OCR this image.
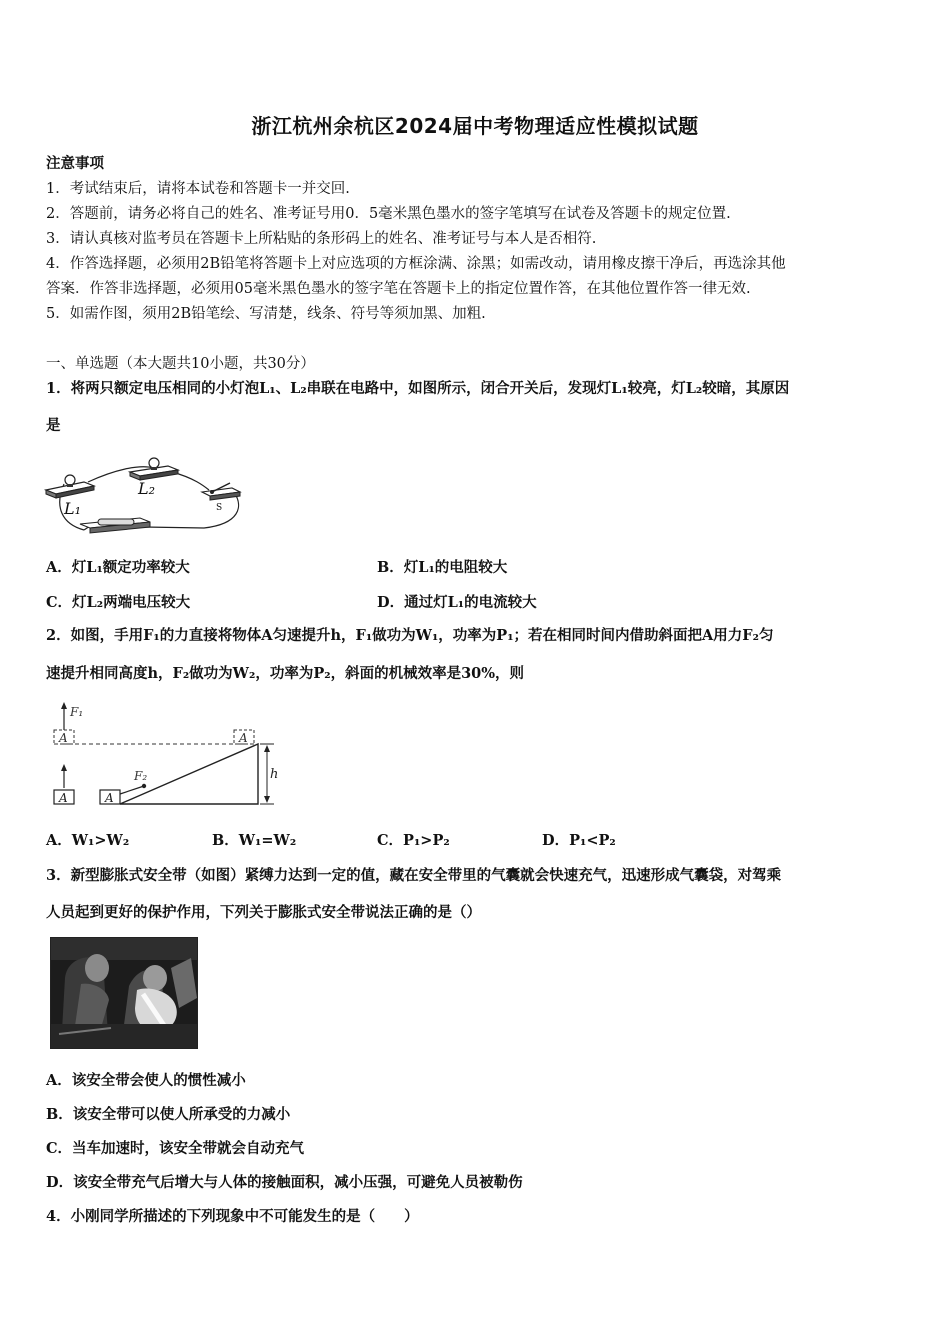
浙江杭州余杭区2024届中考物理适应性模拟试题
注意事项
1．考试结束后，请将本试卷和答题卡一并交回.
2．答题前，请务必将自己的姓名、准考证号用0．5毫米黑色墨水的签字笔填写在试卷及答题卡的规定位置.
3．请认真核对监考员在答题卡上所粘贴的条形码上的姓名、准考证号与本人是否相符.
4．作答选择题，必须用2B铅笔将答题卡上对应选项的方框涂满、涂黑；如需改动，请用橡皮擦干净后，再选涂其他
答案．作答非选择题，必须用05毫米黑色墨水的签字笔在答题卡上的指定位置作答，在其他位置作答一律无效.
5．如需作图，须用2B铅笔绘、写清楚，线条、符号等须加黑、加粗.
一、单选题（本大题共10小题，共30分）
1．将两只额定电压相同的小灯泡L₁、L₂串联在电路中，如图所示，闭合开关后，发现灯L₁较亮，灯L₂较暗，其原因
是
L₁
L₂
S
A．灯L₁额定功率较大	B．灯L₁的电阻较大
C．灯L₂两端电压较大	D．通过灯L₁的电流较大
2．如图，手用F₁的力直接将物体A匀速提升h，F₁做功为W₁，功率为P₁；若在相同时间内借助斜面把A用力F₂匀
速提升相同高度h，F₂做功为W₂，功率为P₂，斜面的机械效率是30%，则
F₁
A
A	A
A
F₂	h
A．W₁>W₂	B．W₁=W₂	C．P₁>P₂	D．P₁<P₂
3．新型膨胀式安全带（如图）紧缚力达到一定的值，藏在安全带里的气囊就会快速充气，迅速形成气囊袋，对驾乘
人员起到更好的保护作用，下列关于膨胀式安全带说法正确的是（）
A．该安全带会使人的惯性减小
B．该安全带可以使人所承受的力减小
C．当车加速时，该安全带就会自动充气
D．该安全带充气后增大与人体的接触面积，减小压强，可避免人员被勒伤
4．小刚同学所描述的下列现象中不可能发生的是（　　）
